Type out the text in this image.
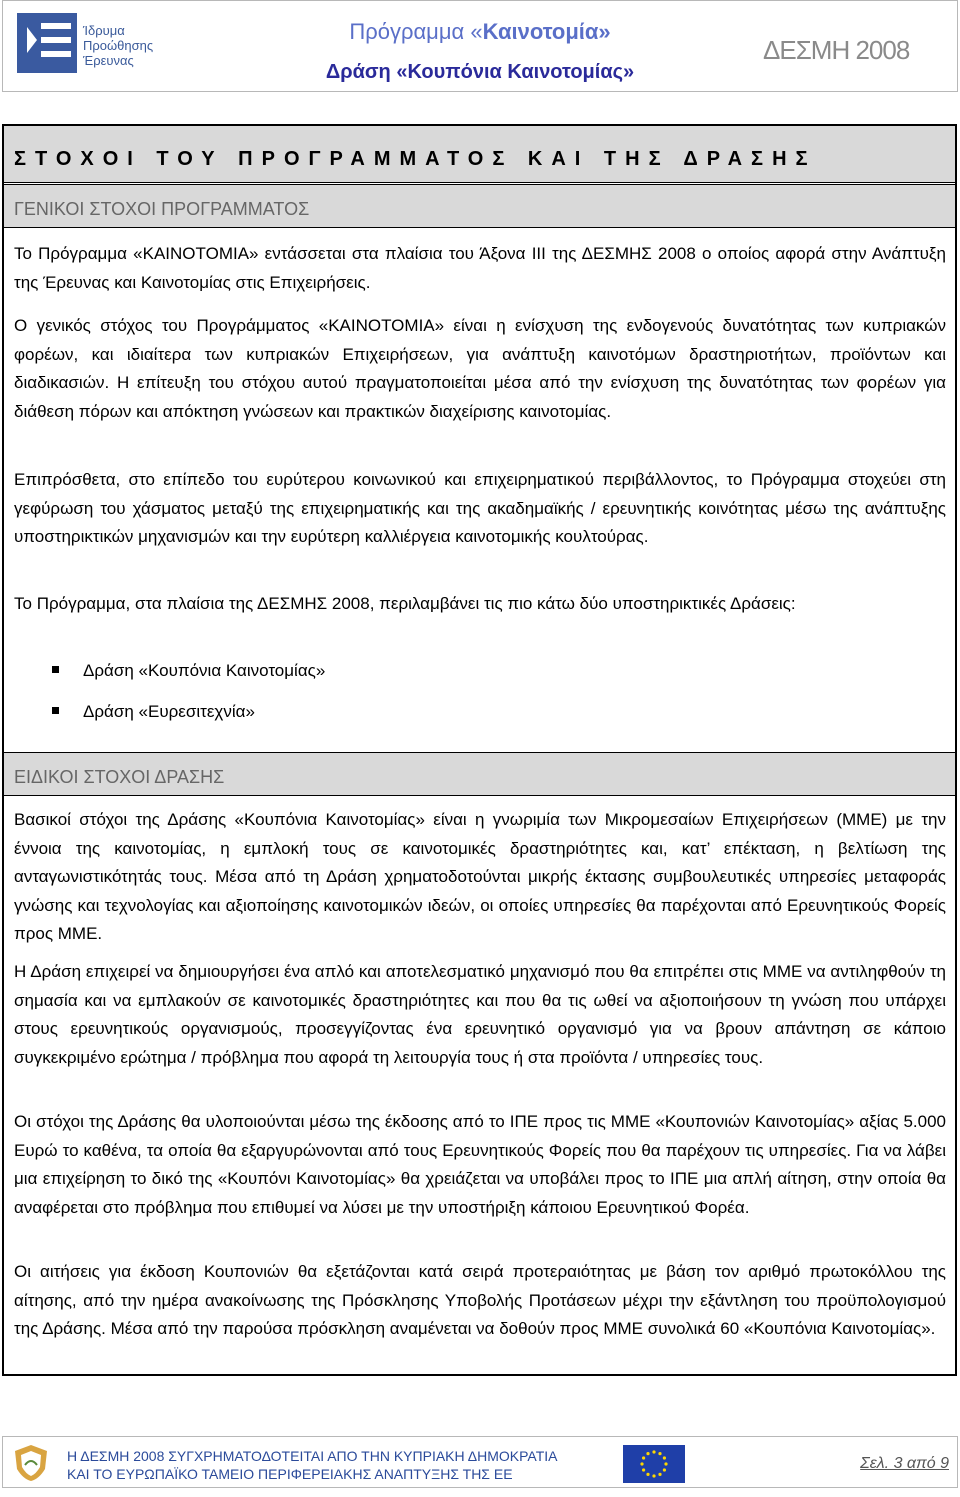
Ίδρυμα
Προώθησης
Έρευνας
Πρόγραμμα «Καινοτομία»
Δράση «Κουπόνια Καινοτομίας»
ΔΕΣΜΗ 2008
ΣΤΟΧΟΙ ΤΟΥ ΠΡΟΓΡΑΜΜΑΤΟΣ ΚΑΙ ΤΗΣ ΔΡΑΣΗΣ
ΓΕΝΙΚΟΙ ΣΤΟΧΟΙ ΠΡΟΓΡΑΜΜΑΤΟΣ
Το Πρόγραμμα «ΚΑΙΝΟΤΟΜΙΑ» εντάσσεται στα πλαίσια του Άξονα ΙΙΙ της ΔΕΣΜΗΣ 2008 ο οποίος αφορά στην Ανάπτυξη της Έρευνας και Καινοτομίας στις Επιχειρήσεις.
Ο γενικός στόχος του Προγράμματος «ΚΑΙΝΟΤΟΜΙΑ» είναι η ενίσχυση της ενδογενούς δυνατότητας των κυπριακών φορέων, και ιδιαίτερα των κυπριακών Επιχειρήσεων, για ανάπτυξη καινοτόμων δραστηριοτήτων, προϊόντων και διαδικασιών. Η επίτευξη του στόχου αυτού πραγματοποιείται μέσα από την ενίσχυση της δυνατότητας των φορέων για διάθεση πόρων και απόκτηση γνώσεων και πρακτικών διαχείρισης καινοτομίας.
Επιπρόσθετα, στο επίπεδο του ευρύτερου κοινωνικού και επιχειρηματικού περιβάλλοντος, το Πρόγραμμα στοχεύει στη γεφύρωση του χάσματος μεταξύ της επιχειρηματικής και της ακαδημαϊκής / ερευνητικής κοινότητας μέσω της ανάπτυξης υποστηρικτικών μηχανισμών και την ευρύτερη καλλιέργεια καινοτομικής κουλτούρας.
Το Πρόγραμμα, στα πλαίσια της ΔΕΣΜΗΣ 2008, περιλαμβάνει τις πιο κάτω δύο υποστηρικτικές Δράσεις:
Δράση «Κουπόνια Καινοτομίας»
Δράση «Ευρεσιτεχνία»
ΕΙΔΙΚΟΙ ΣΤΟΧΟΙ ΔΡΑΣΗΣ
Βασικοί στόχοι της Δράσης «Κουπόνια Καινοτομίας» είναι η γνωριμία των Μικρομεσαίων Επιχειρήσεων (ΜΜΕ) με την έννοια της καινοτομίας, η εμπλοκή τους σε καινοτομικές δραστηριότητες και, κατ’ επέκταση, η βελτίωση της ανταγωνιστικότητάς τους. Μέσα από τη Δράση χρηματοδοτούνται μικρής έκτασης συμβουλευτικές υπηρεσίες μεταφοράς γνώσης και τεχνολογίας και αξιοποίησης καινοτομικών ιδεών, οι οποίες υπηρεσίες θα παρέχονται από Ερευνητικούς Φορείς προς ΜΜΕ.
Η Δράση επιχειρεί να δημιουργήσει ένα απλό και αποτελεσματικό μηχανισμό που θα επιτρέπει στις ΜΜΕ να αντιληφθούν τη σημασία και να εμπλακούν σε καινοτομικές δραστηριότητες και που θα τις ωθεί να αξιοποιήσουν τη γνώση που υπάρχει στους ερευνητικούς οργανισμούς, προσεγγίζοντας ένα ερευνητικό οργανισμό για να βρουν απάντηση σε κάποιο συγκεκριμένο ερώτημα / πρόβλημα που αφορά τη λειτουργία τους ή στα προϊόντα / υπηρεσίες τους.
Οι στόχοι της Δράσης θα υλοποιούνται μέσω της έκδοσης από το ΙΠΕ προς τις ΜΜΕ «Κουπονιών Καινοτομίας» αξίας 5.000 Ευρώ το καθένα, τα οποία θα εξαργυρώνονται από τους Ερευνητικούς Φορείς που θα παρέχουν τις υπηρεσίες. Για να λάβει μια επιχείρηση το δικό της «Κουπόνι Καινοτομίας» θα χρειάζεται να υποβάλει προς το ΙΠΕ μια απλή αίτηση, στην οποία θα αναφέρεται στο πρόβλημα που επιθυμεί να λύσει με την υποστήριξη κάποιου Ερευνητικού Φορέα.
Οι αιτήσεις για έκδοση Κουπονιών θα εξετάζονται κατά σειρά προτεραιότητας με βάση τον αριθμό πρωτοκόλλου της αίτησης, από την ημέρα ανακοίνωσης της Πρόσκλησης Υποβολής Προτάσεων μέχρι την εξάντληση του προϋπολογισμού της Δράσης. Μέσα από την παρούσα πρόσκληση αναμένεται να δοθούν προς ΜΜΕ συνολικά 60 «Κουπόνια Καινοτομίας».
Η ΔΕΣΜΗ 2008 ΣΥΓΧΡΗΜΑΤΟΔΟΤΕΙΤΑΙ ΑΠΟ ΤΗΝ ΚΥΠΡΙΑΚΗ ΔΗΜΟΚΡΑΤΙΑ
ΚΑΙ ΤΟ ΕΥΡΩΠΑΪΚΟ ΤΑΜΕΙΟ ΠΕΡΙΦΕΡΕΙΑΚΗΣ ΑΝΑΠΤΥΞΗΣ ΤΗΣ ΕΕ
Σελ. 3 από 9
